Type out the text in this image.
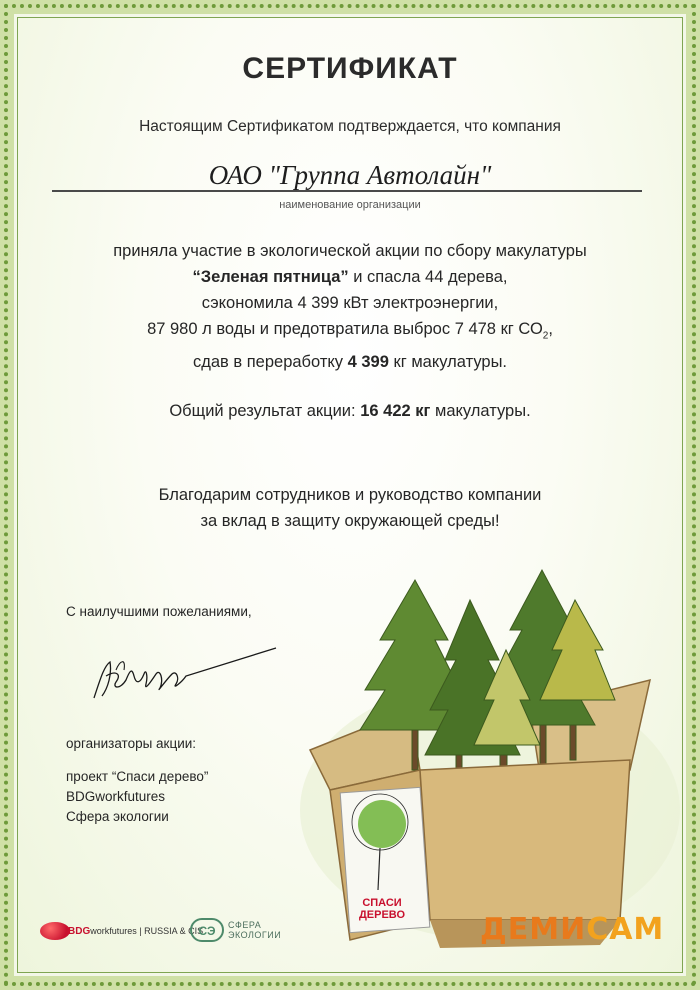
СЕРТИФИКАТ
Настоящим Сертификатом подтверждается, что компания
ОАО "Группа Автолайн"
наименование организации
приняла участие в экологической акции по сбору макулатуры
“Зеленая пятница” и спасла 44 дерева,
сэкономила 4 399 кВт электроэнергии,
87 980 л воды и предотвратила выброс 7 478 кг $СО_2$,
сдав в переработку 4 399 кг макулатуры.
Общий результат акции: 16 422 кг макулатуры.
Благодарим сотрудников и руководство компании
за вклад в защиту окружающей среды!
С наилучшими пожеланиями,
организаторы акции:
проект “Спаси дерево”
BDGworkfutures
Сфера экологии
СПАСИ
ДЕРЕВО
BDGworkfutures | RUSSIA & CIS
СЭ СФЕРА
ЭКОЛОГИИ	ДЕМИСАМ
